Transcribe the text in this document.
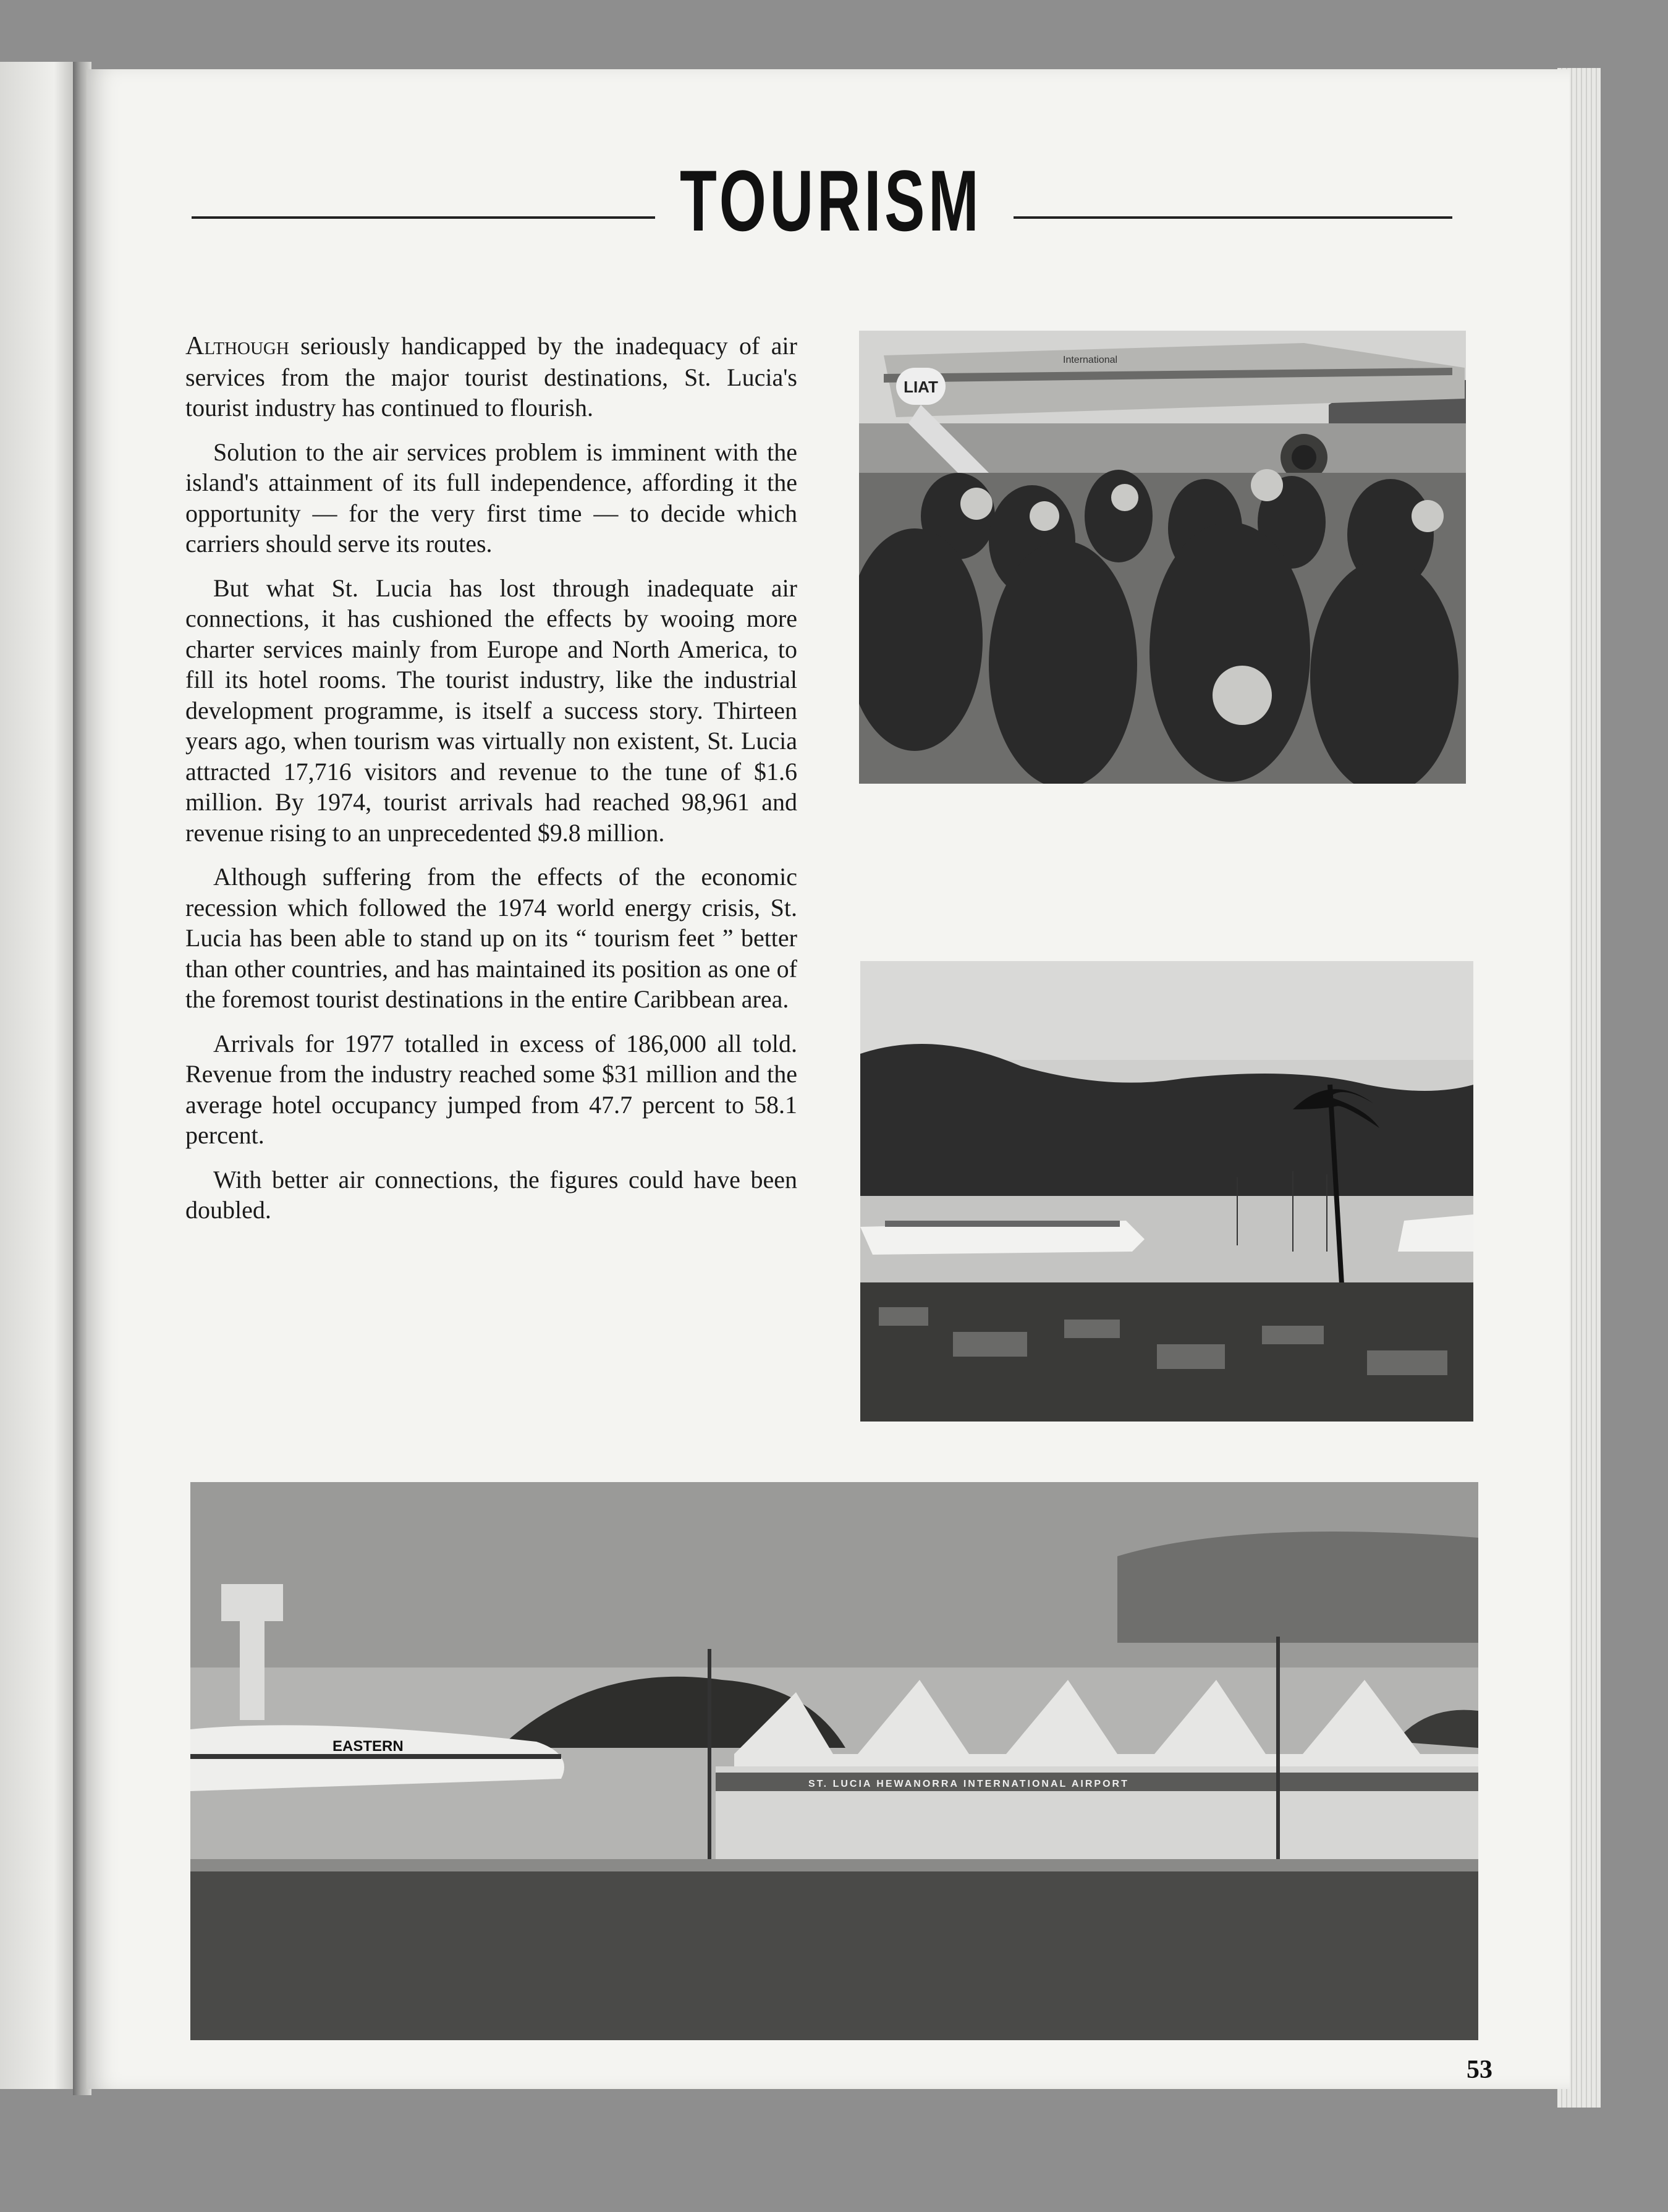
TOURISM

Although seriously handicapped by the inadequacy of air services from the major tourist destinations, St. Lucia's tourist industry has continued to flourish.

Solution to the air services problem is imminent with the island's attainment of its full independence, affording it the opportunity — for the very first time — to decide which carriers should serve its routes.

But what St. Lucia has lost through inadequate air connections, it has cushioned the effects by wooing more charter services mainly from Europe and North America, to fill its hotel rooms. The tourist industry, like the industrial development programme, is itself a success story. Thirteen years ago, when tourism was virtually non existent, St. Lucia attracted 17,716 visitors and revenue to the tune of $1.6 million. By 1974, tourist arrivals had reached 98,961 and revenue rising to an unprecedented $9.8 million.

Although suffering from the effects of the economic recession which followed the 1974 world energy crisis, St. Lucia has been able to stand up on its “ tourism feet ” better than other countries, and has maintained its position as one of the foremost tourist destinations in the entire Caribbean area.

Arrivals for 1977 totalled in excess of 186,000 all told. Revenue from the industry reached some $31 million and the average hotel occupancy jumped from 47.7 percent to 58.1 percent.

With better air connections, the figures could have been doubled.

LIAT
International
ST. LUCIA HEWANORRA INTERNATIONAL AIRPORT
EASTERN
53
